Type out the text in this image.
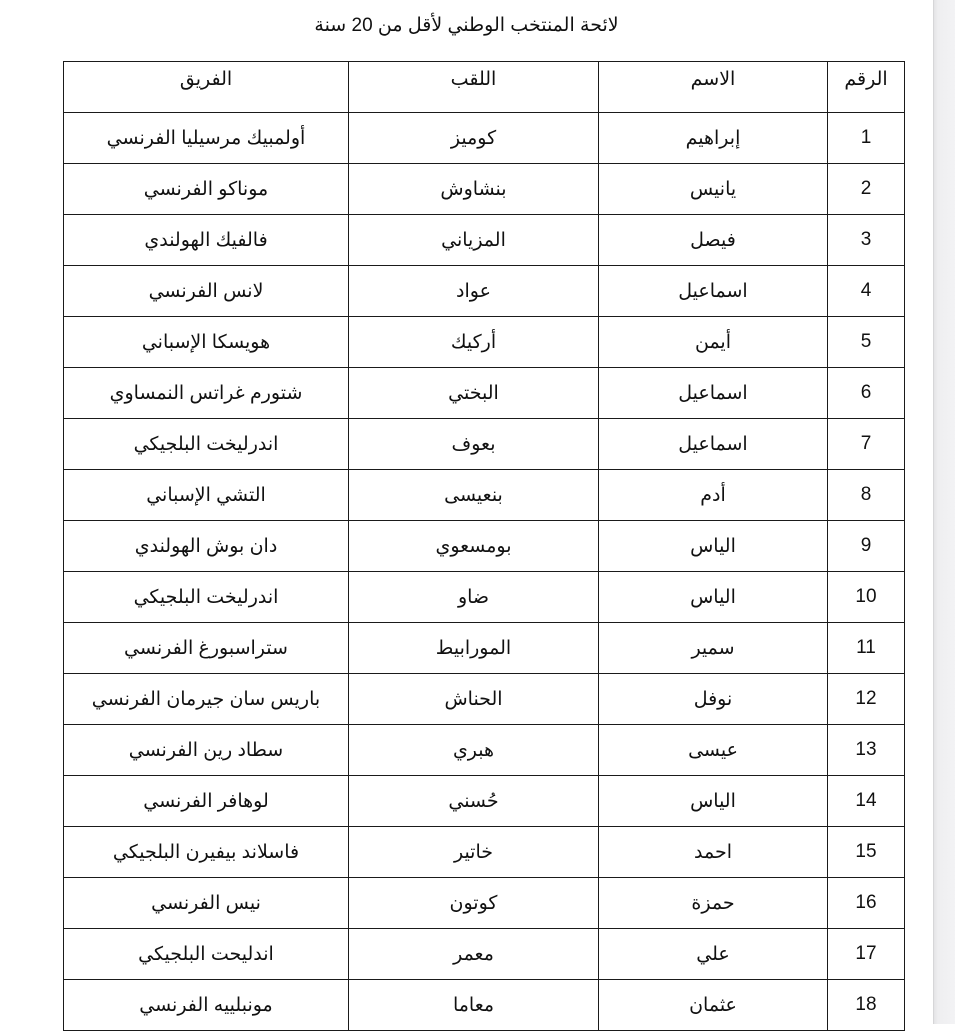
لائحة المنتخب الوطني لأقل من 20 سنة
الرقم	الاسم	اللقب	الفريق
1	إبراهيم	كوميز	أولمبيك مرسيليا الفرنسي
2	يانيس	بنشاوش	موناكو الفرنسي
3	فيصل	المزياني	فالفيك الهولندي
4	اسماعيل	عواد	لانس الفرنسي
5	أيمن	أركيك	هويسكا الإسباني
6	اسماعيل	البختي	شتورم غراتس النمساوي
7	اسماعيل	بعوف	اندرليخت البلجيكي
8	أدم	بنعيسى	التشي الإسباني
9	الياس	بومسعوي	دان بوش الهولندي
10	الياس	ضاو	اندرليخت البلجيكي
11	سمير	المورابيط	ستراسبورغ الفرنسي
12	نوفل	الحناش	باريس سان جيرمان الفرنسي
13	عيسى	هبري	سطاد رين الفرنسي
14	الياس	حُسني	لوهافر الفرنسي
15	احمد	خاتير	فاسلاند بيفيرن البلجيكي
16	حمزة	كوتون	نيس الفرنسي
17	علي	معمر	اندليحت البلجيكي
18	عثمان	معاما	مونبلييه الفرنسي
